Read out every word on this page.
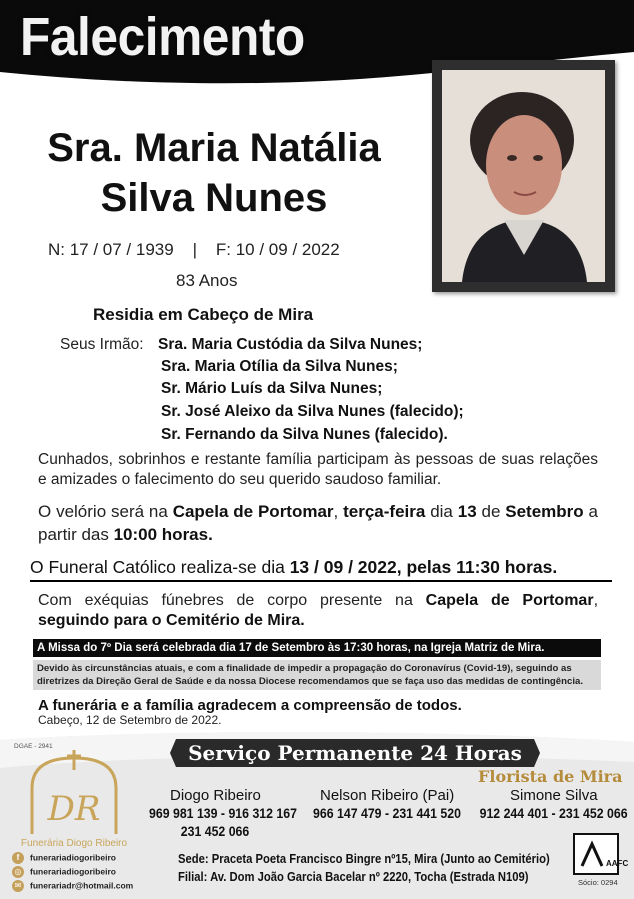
Falecimento
Sra. Maria Natália
Silva Nunes
N: 17 / 07 / 1939    |    F: 10 / 09 / 2022
83 Anos
Residia em Cabeço de Mira
Seus Irmão: Sra. Maria Custódia da Silva Nunes;
Sra. Maria Otília da Silva Nunes;
Sr. Mário Luís da Silva Nunes;
Sr. José Aleixo da Silva Nunes (falecido);
Sr. Fernando da Silva Nunes (falecido).
Cunhados, sobrinhos e restante família participam às pessoas de suas relações e amizades o falecimento do seu querido saudoso familiar.
O velório será na Capela de Portomar, terça-feira dia 13 de Setembro a partir das 10:00 horas.
O Funeral Católico realiza-se dia 13 / 09 / 2022, pelas 11:30 horas.
Com exéquias fúnebres de corpo presente na Capela de Portomar, seguindo para o Cemitério de Mira.
A Missa do 7º Dia será celebrada dia 17 de Setembro às 17:30 horas, na Igreja Matriz de Mira.
Devido às circunstâncias atuais, e com a finalidade de impedir a propagação do Coronavírus (Covid-19), seguindo as diretrizes da Direção Geral de Saúde e da nossa Diocese recomendamos que se faça uso das medidas de contingência.
A funerária e a família agradecem a compreensão de todos.
Cabeço, 12 de Setembro de 2022.
Serviço Permanente 24 Horas
DGAE - 2941
DR
Funerária Diogo Ribeiro
f funerariadiogoribeiro
◎ funerariadiogoribeiro
✉ funerariadr@hotmail.com
Florista de Mira
Diogo Ribeiro
969 981 139 - 916 312 167
231 452 066
Nelson Ribeiro (Pai)
966 147 479 - 231 441 520
Simone Silva
912 244 401 - 231 452 066
Sede: Praceta Poeta Francisco Bingre nº15, Mira (Junto ao Cemitério)
Filial: Av. Dom João Garcia Bacelar nº 2220, Tocha (Estrada N109)
AAFC
Sócio: 0294
